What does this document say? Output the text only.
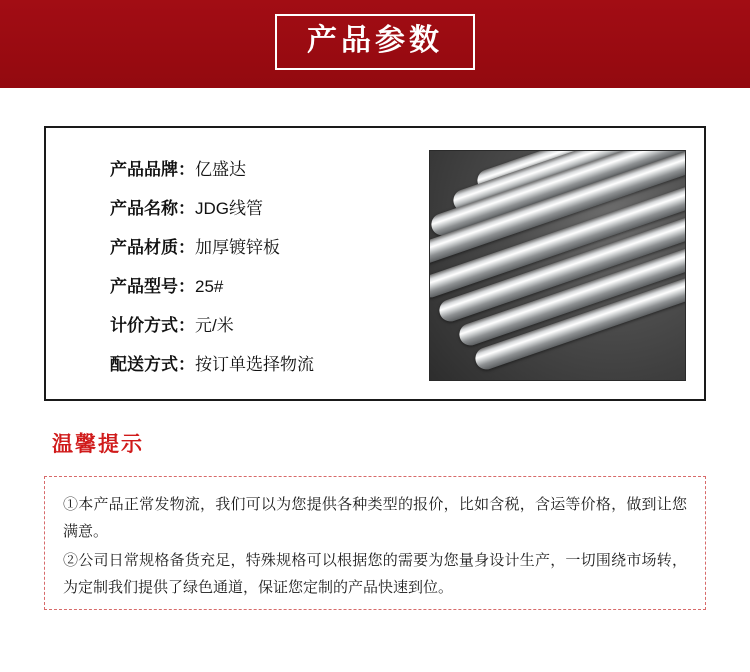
产品参数
产品品牌： 亿盛达
产品名称： JDG线管
产品材质： 加厚镀锌板
产品型号： 25#
计价方式： 元/米
配送方式： 按订单选择物流
温馨提示
①本产品正常发物流，我们可以为您提供各种类型的报价，比如含税，含运等价格，做到让您满意。
②公司日常规格备货充足，特殊规格可以根据您的需要为您量身设计生产，一切围绕市场转，为定制我们提供了绿色通道，保证您定制的产品快速到位。
